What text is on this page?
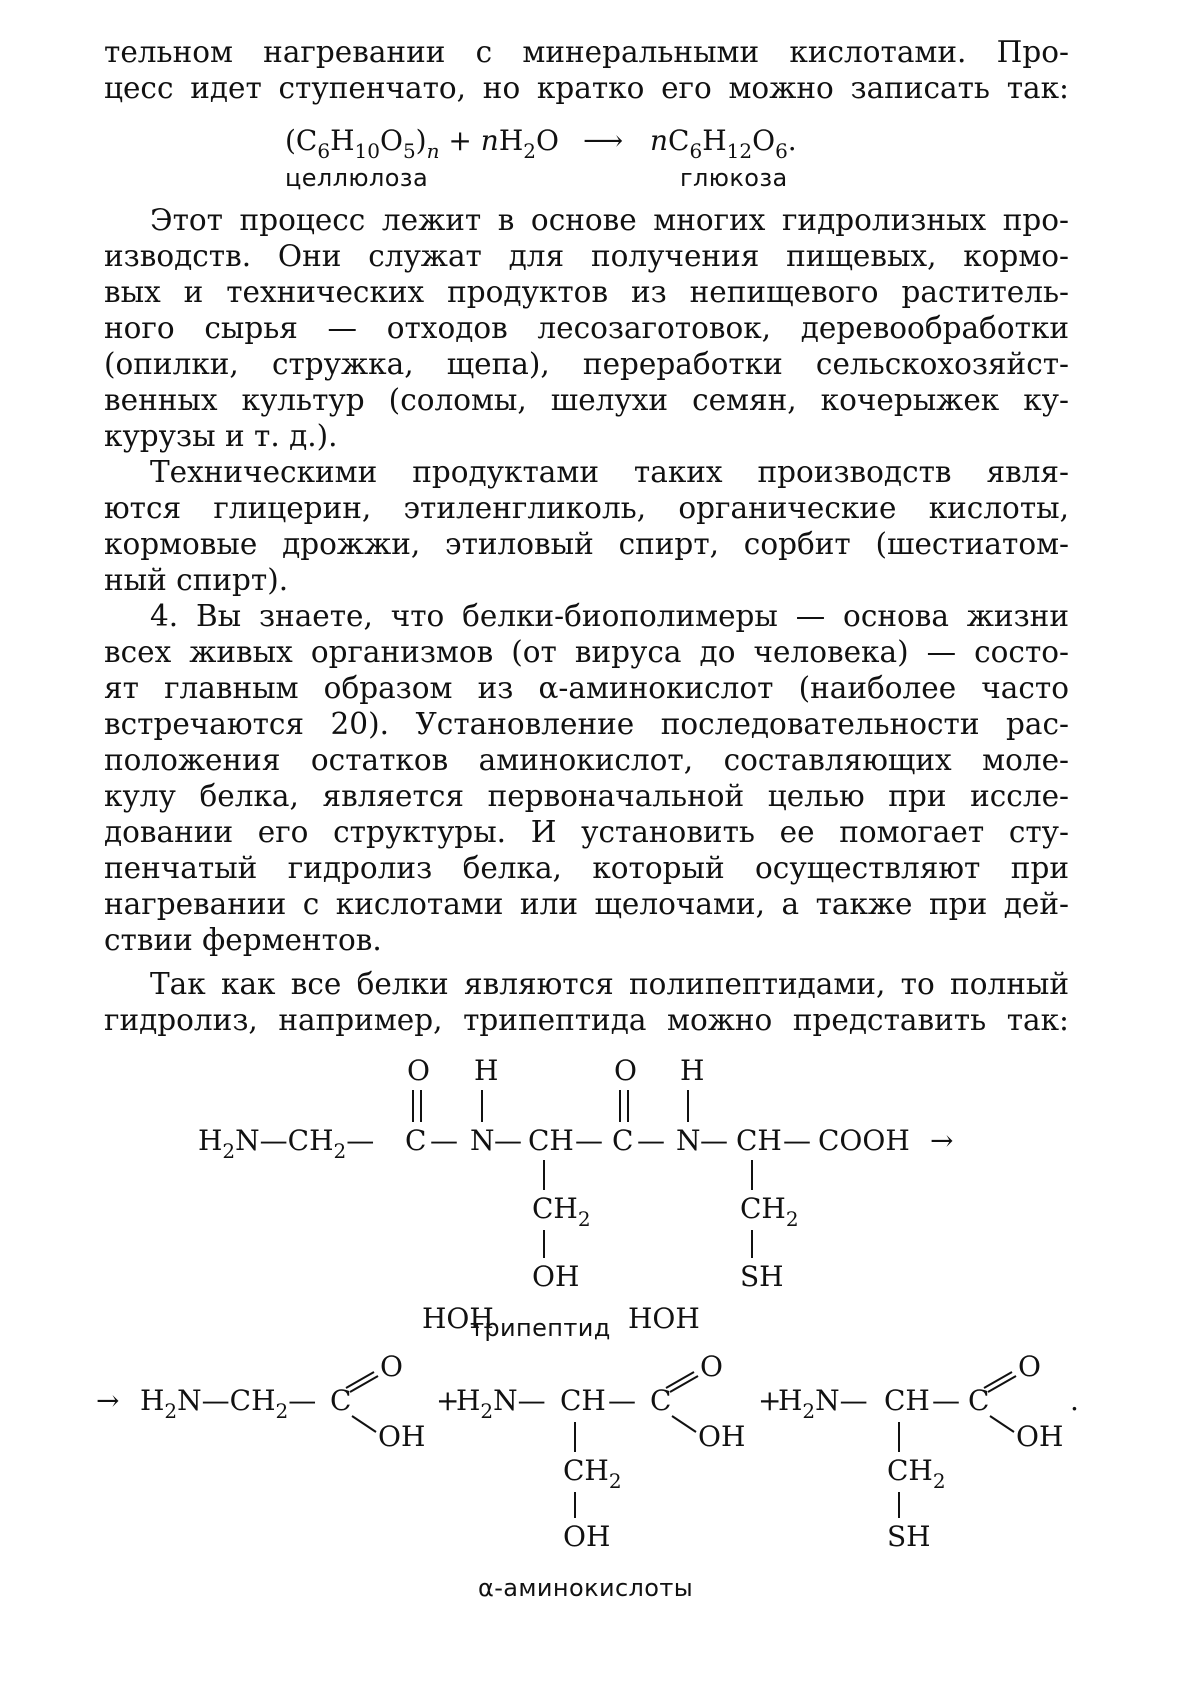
тельном нагревании с минеральными кислотами. Про-
цесс идет ступенчато, но кратко его можно записать так:
$(C_6H_{10}O_5)_n + nH_2O$ ⟶ $nC_6H_{12}O_6$.
целлюлоза	глюкоза
Этот процесс лежит в основе многих гидролизных про-
изводств. Они служат для получения пищевых, кормо-
вых и технических продуктов из непищевого раститель-
ного сырья — отходов лесозаготовок, деревообработки
(опилки, стружка, щепа), переработки сельскохозяйст-
венных культур (соломы, шелухи семян, кочерыжек ку-
курузы и т. д.).
Техническими продуктами таких производств явля-
ются глицерин, этиленгликоль, органические кислоты,
кормовые дрожжи, этиловый спирт, сорбит (шестиатом-
ный спирт).
4. Вы знаете, что белки-биополимеры — основа жизни
всех живых организмов (от вируса до человека) — состо-
ят главным образом из α-аминокислот (наиболее часто
встречаются 20). Установление последовательности рас-
положения остатков аминокислот, составляющих моле-
кулу белка, является первоначальной целью при иссле-
довании его структуры. И установить ее помогает сту-
пенчатый гидролиз белка, который осуществляют при
нагревании с кислотами или щелочами, а также при дей-
ствии ферментов.
Так как все белки являются полипептидами, то полный
гидролиз, например, трипептида можно представить так:
O H	O H
$H_2N—CH_2—$ C — N — CH — C — N — CH — COOH →
$CH_2$
OH
$CH_2$
SH
HOH	HOH
трипептид
→ $H_2N—CH_2—$ C
O
OH
+
$H_2N—$ CH — C
O
OH
$CH_2$
OH
+
$H_2N—$ CH — C
O
OH
.
$CH_2$
SH
α-аминокислоты
